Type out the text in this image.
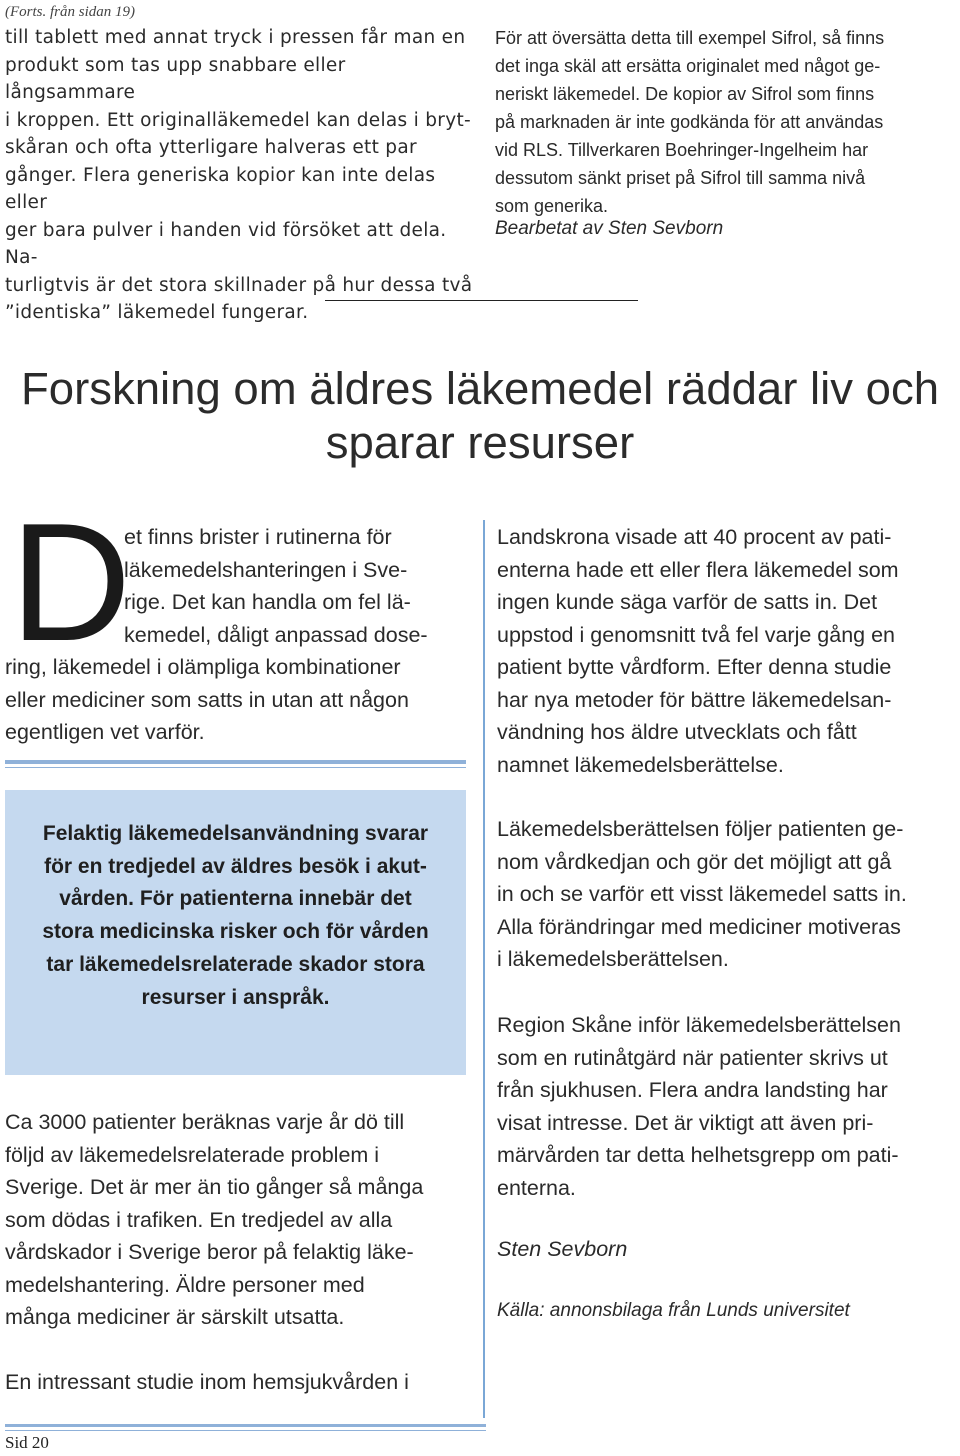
(Forts. från sidan 19)

till tablett med annat tryck i pressen får man en
produkt som tas upp snabbare eller långsammare
i kroppen. Ett originalläkemedel kan delas i bryt-
skåran och ofta ytterligare halveras ett par
gånger. Flera generiska kopior kan inte delas eller
ger bara pulver i handen vid försöket att dela. Na-
turligtvis är det stora skillnader på hur dessa två
”identiska” läkemedel fungerar.

För att översätta detta till exempel Sifrol, så finns
det inga skäl att ersätta originalet med något ge-
neriskt läkemedel. De kopior av Sifrol som finns
på marknaden är inte godkända för att användas
vid RLS. Tillverkaren Boehringer-Ingelheim har
dessutom sänkt priset på Sifrol till samma nivå
som generika.

Bearbetat av Sten Sevborn
Forskning om äldres läkemedel räddar liv och
sparar resurser
D
et finns brister i rutinerna för
läkemedelshanteringen i Sve-
rige. Det kan handla om fel lä-
kemedel, dåligt anpassad dose-
ring, läkemedel i olämpliga kombinationer
eller mediciner som satts in utan att någon
egentligen vet varför.

Felaktig läkemedelsanvändning svarar
för en tredjedel av äldres besök i akut-
vården. För patienterna innebär det
stora medicinska risker och för vården
tar läkemedelsrelaterade skador stora
resurser i anspråk.

Ca 3000 patienter beräknas varje år dö till
följd av läkemedelsrelaterade problem i
Sverige. Det är mer än tio gånger så många
som dödas i trafiken. En tredjedel av alla
vårdskador i Sverige beror på felaktig läke-
medelshantering. Äldre personer med
många mediciner är särskilt utsatta.

En intressant studie inom hemsjukvården i

Landskrona visade att 40 procent av pati-
enterna hade ett eller flera läkemedel som
ingen kunde säga varför de satts in. Det
uppstod i genomsnitt två fel varje gång en
patient bytte vårdform. Efter denna studie
har nya metoder för bättre läkemedelsan-
vändning hos äldre utvecklats och fått
namnet läkemedelsberättelse.

Läkemedelsberättelsen följer patienten ge-
nom vårdkedjan och gör det möjligt att gå
in och se varför ett visst läkemedel satts in.
Alla förändringar med mediciner motiveras
i läkemedelsberättelsen.

Region Skåne inför läkemedelsberättelsen
som en rutinåtgärd när patienter skrivs ut
från sjukhusen. Flera andra landsting har
visat intresse. Det är viktigt att även pri-
märvården tar detta helhetsgrepp om pati-
enterna.

Sten Sevborn
Källa: annonsbilaga från Lunds universitet
Sid 20
